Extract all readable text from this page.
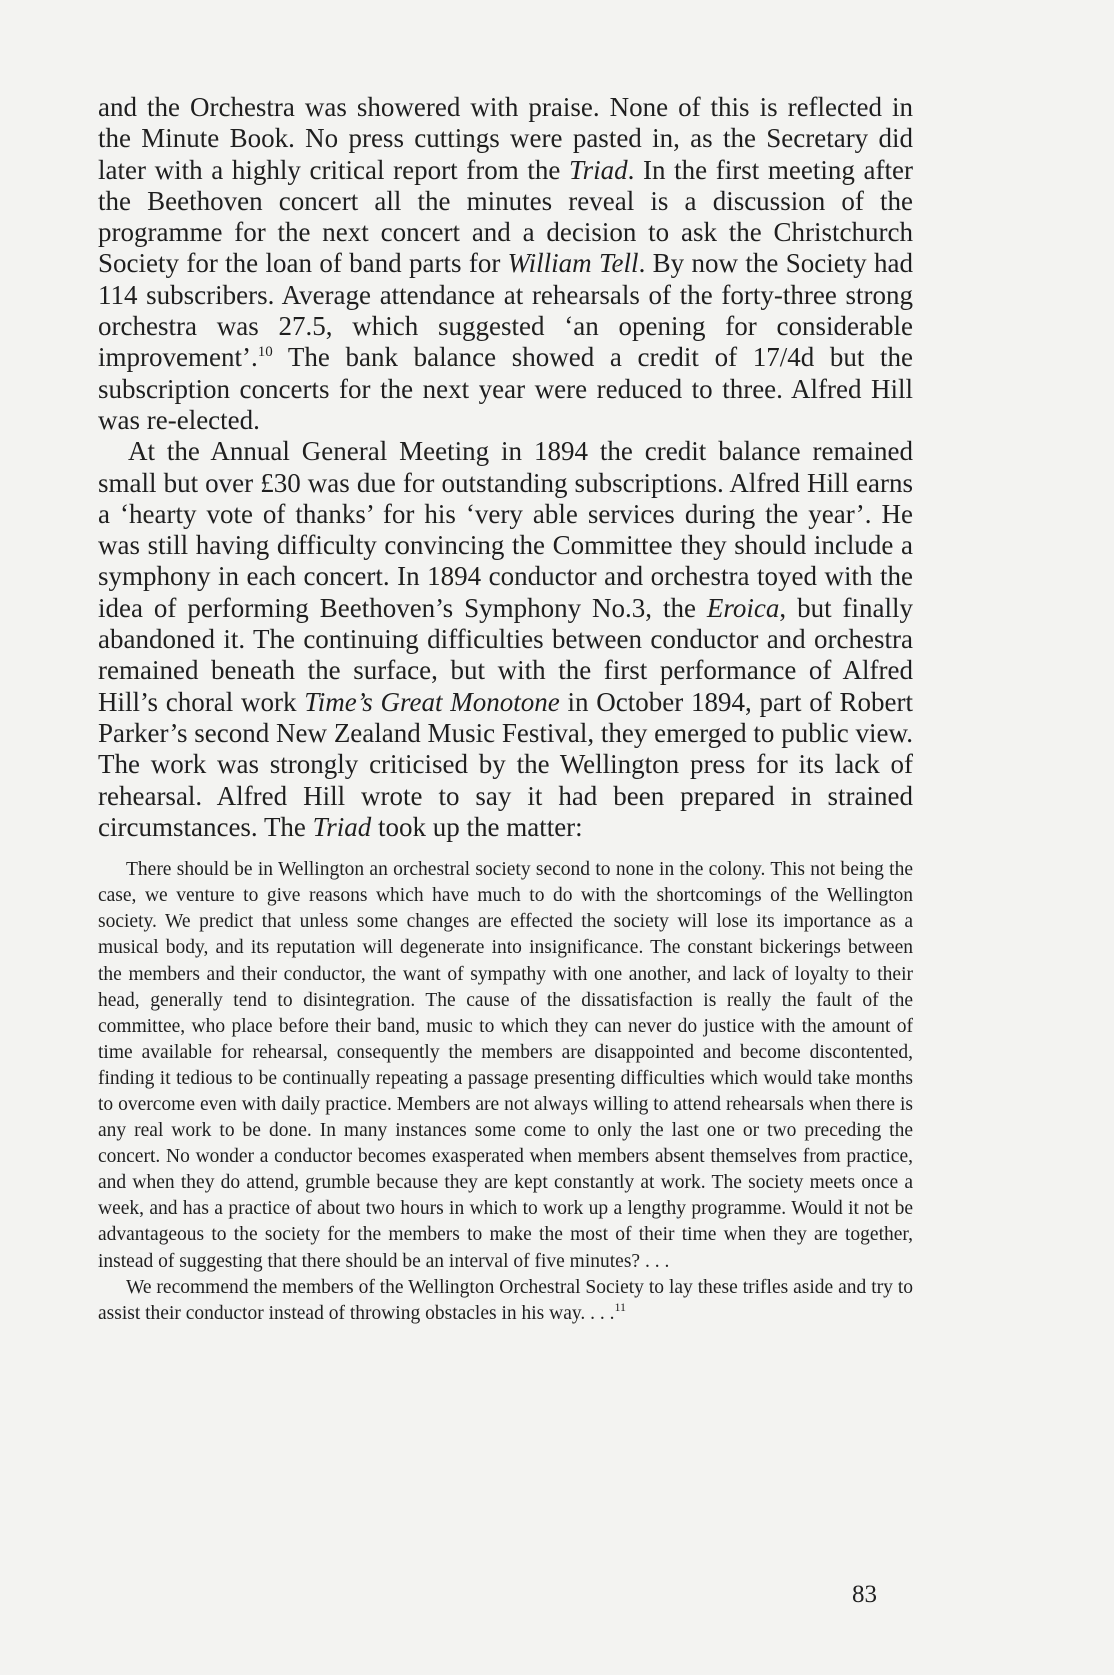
and the Orchestra was showered with praise. None of this is reflected in the Minute Book. No press cuttings were pasted in, as the Secretary did later with a highly critical report from the Triad. In the first meeting after the Beethoven concert all the minutes reveal is a discussion of the programme for the next concert and a decision to ask the Christchurch Society for the loan of band parts for William Tell. By now the Society had 114 subscribers. Average attendance at rehearsals of the forty-three strong orchestra was 27.5, which suggested ‘an opening for considerable improvement’.$^{10}$ The bank balance showed a credit of 17/4d but the subscription concerts for the next year were reduced to three. Alfred Hill was re-elected.

At the Annual General Meeting in 1894 the credit balance remained small but over £30 was due for outstanding subscriptions. Alfred Hill earns a ‘hearty vote of thanks’ for his ‘very able services during the year’. He was still having difficulty convincing the Committee they should include a symphony in each concert. In 1894 conductor and orchestra toyed with the idea of performing Beethoven’s Symphony No.3, the Eroica, but finally abandoned it. The continuing difficulties between conductor and orchestra remained beneath the surface, but with the first performance of Alfred Hill’s choral work Time’s Great Monotone in October 1894, part of Robert Parker’s second New Zealand Music Festival, they emerged to public view. The work was strongly criticised by the Wellington press for its lack of rehearsal. Alfred Hill wrote to say it had been prepared in strained circumstances. The Triad took up the matter:

There should be in Wellington an orchestral society second to none in the colony. This not being the case, we venture to give reasons which have much to do with the shortcomings of the Wellington society. We predict that unless some changes are effected the society will lose its importance as a musical body, and its reputation will degenerate into insignificance. The constant bickerings between the members and their conductor, the want of sympathy with one another, and lack of loyalty to their head, generally tend to disintegration. The cause of the dissatisfaction is really the fault of the committee, who place before their band, music to which they can never do justice with the amount of time available for rehearsal, consequently the members are disappointed and become discontented, finding it tedious to be continually repeating a passage presenting difficulties which would take months to overcome even with daily practice. Members are not always willing to attend rehearsals when there is any real work to be done. In many instances some come to only the last one or two preceding the concert. No wonder a conductor becomes exasperated when members absent themselves from practice, and when they do attend, grumble because they are kept constantly at work. The society meets once a week, and has a practice of about two hours in which to work up a lengthy programme. Would it not be advantageous to the society for the members to make the most of their time when they are together, instead of suggesting that there should be an interval of five minutes? . . .

We recommend the members of the Wellington Orchestral Society to lay these trifles aside and try to assist their conductor instead of throwing obstacles in his way. . . .$^{11}$

83
